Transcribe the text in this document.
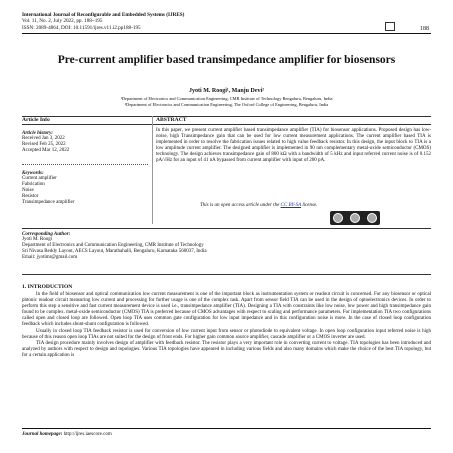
International Journal of Reconfigurable and Embedded Systems (IJRES)
Vol. 11, No. 2, July 2022, pp. 188~195
ISSN: 2089-4864, DOI: 10.11591/ijres.v11.i2.pp188-195	188
Pre-current amplifier based transimpedance amplifier for biosensors
Jyoti M. Roogi¹, Manju Devi²
¹Department of Electronics and Communication Engineering, CMR Institute of Technology Bengaluru, Bengaluru, India
²Department of Electronics and Communication Engineering, The Oxford College of Engineering, Bengaluru, India
Article Info	ABSTRACT
Article history:
Received Jan 3, 2022
Revised Feb 25, 2022
Accepted Mar 12, 2022
Keywords:
Current amplifier
Fabrication
Noise
Resistor
Transimpedance amplifier
In this paper, we present current amplifier based transimpedance amplifier (TIA) for biosensor applications. Proposed design has low-noise, high Transimpedance gain that can be used for low current measurement applications. The current amplifier based TIA is implemented in order to resolve the fabrication issues related to high value feedback resistor. In this design, the input block to TIA is a low amplitude current amplifier. The designed amplifier is implemented in 90 nm complementary metal-oxide semiconductor (CMOS) technology. The design achieves transimpedance gain of 800 kΩ with a bandwidth of 5 kHz and input referred current noise is of 0.152 pA/√Hz for an input of 41 nA bypassed from current amplifier with input of 200 pA.
This is an open access article under the CC BY-SA license.
Corresponding Author:
Jyoti M. Roogi
Department of Electronics and Communication Engineering, CMR Institute of Technology
Sri Nivasa Reddy Layout, AECS Layout, Marathahalli, Bengaluru, Karnataka 560037, India
Email: jyotimr@gmail.com
1. INTRODUCTION

In the field of biosensor and optical communication low current measurement is one of the important block as instrumentation system or readout circuit is concerned. For any biosensor or optical phtonic readout circuit measuring low current and processing for further usage is one of the complex task. Apart from sensor field TIA can be used in the design of optoelectronics devices. In order to perform this step a sensitive and fast current measurement device is used i.e., transimpedance amplifier (TIA). Designing a TIA with constraints like low noise, low power and high transimpedance gain found to be complex. metal-oxide semiconductor (CMOS) TIA is preferred because of CMOS advantages with respect to scaling and performance parameters. For implementation TIA two configurations called open and closed loop are followed. Open loop TIA uses common gate configuration for low input impedance and in this configuration noise is more. In the case of closed loop configuration feedback which includes shunt-shunt configuration is followed.

Usually in closed loop TIA feedback resistor is used for conversion of low current input from sensor or photodiode to equivalent voltage. In open loop configuration input referred noise is high because of this reason open loop TIAs are not suited for the design of front ends. For higher gain common source amplifier, cascade amplifier or a CMOS inverter are used.

TIA design procedure mainly involves design of amplifier with feedback resistor. The resistor plays a very important role in converting current to voltage. TIA topologies has been introduced and analyzed by authors with respect to design and topologies. Various TIA topologies have appeared in including various fields and also many domains which make the choice of the best TIA topology, but for a certain application is

Journal homepage: http://ijres.iaescore.com
